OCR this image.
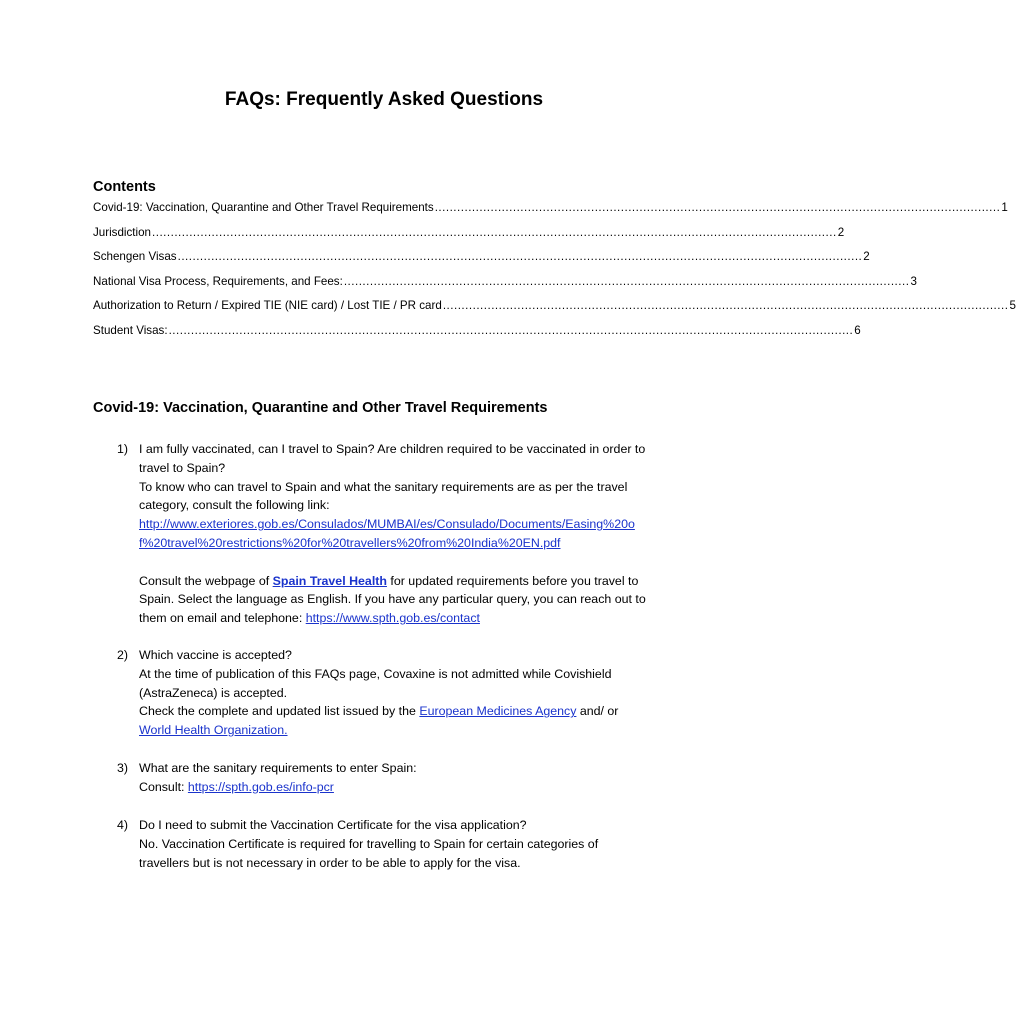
FAQs: Frequently Asked Questions
Contents
Covid-19: Vaccination, Quarantine and Other Travel Requirements ........................................................................................................................................................ 1
Jurisdiction ........................................................................................................................................................................................ 2
Schengen Visas ........................................................................................................................................................................................ 2
National Visa Process, Requirements, and Fees: ........................................................................................................................................................ 3
Authorization to Return / Expired TIE (NIE card) / Lost TIE / PR card ........................................................................................................................................................ 5
Student Visas: ........................................................................................................................................................................................ 6
Covid-19: Vaccination, Quarantine and Other Travel Requirements
1) I am fully vaccinated, can I travel to Spain? Are children required to be vaccinated in order to

travel to Spain?

To know who can travel to Spain and what the sanitary requirements are as per the travel

category, consult the following link:

http://www.exteriores.gob.es/Consulados/MUMBAI/es/Consulado/Documents/Easing%20o

f%20travel%20restrictions%20for%20travellers%20from%20India%20EN.pdf

Consult the webpage of Spain Travel Health for updated requirements before you travel to

Spain. Select the language as English. If you have any particular query, you can reach out to

them on email and telephone: https://www.spth.gob.es/contact

2) Which vaccine is accepted?

At the time of publication of this FAQs page, Covaxine is not admitted while Covishield

(AstraZeneca) is accepted.

Check the complete and updated list issued by the European Medicines Agency and/ or

World Health Organization.

3) What are the sanitary requirements to enter Spain:

Consult: https://spth.gob.es/info-pcr

4) Do I need to submit the Vaccination Certificate for the visa application?

No. Vaccination Certificate is required for travelling to Spain for certain categories of

travellers but is not necessary in order to be able to apply for the visa.
